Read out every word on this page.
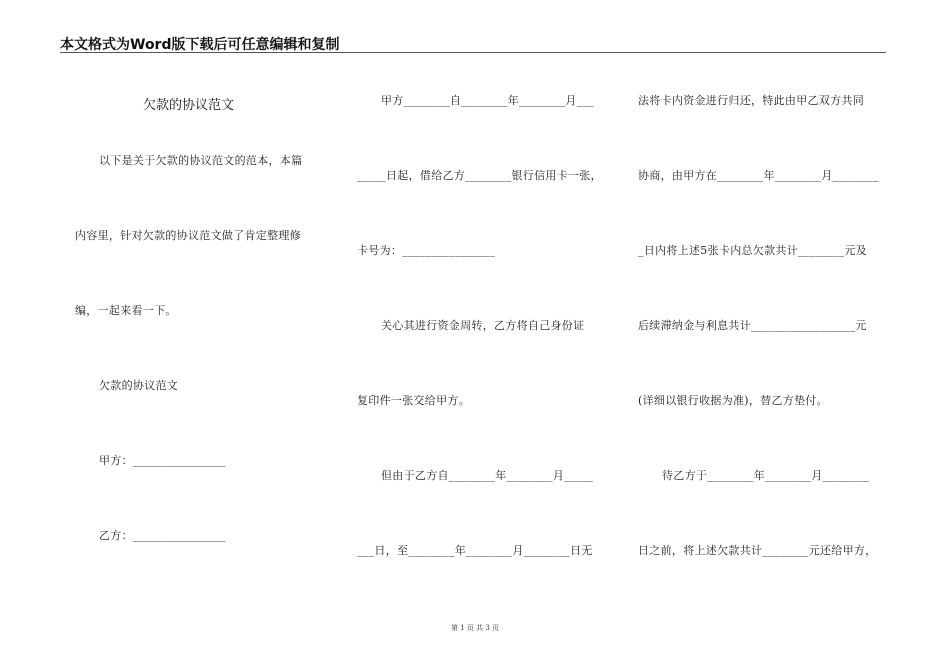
本文格式为Word版下载后可任意编辑和复制
欠款的协议范文
以下是关于欠款的协议范文的范本，本篇
内容里，针对欠款的协议范文做了肯定整理修
编，一起来看一下。
欠款的协议范文
甲方：________________
乙方：________________
甲方________自________年________月___
_____日起，借给乙方________银行信用卡一张，
卡号为：________________
关心其进行资金周转，乙方将自己身份证
复印件一张交给甲方。
但由于乙方自________年________月_____
___日，至________年________月________日无
法将卡内资金进行归还，特此由甲乙双方共同
协商，由甲方在________年________月________
_日内将上述5张卡内总欠款共计________元及
后续滞纳金与利息共计__________________元
(详细以银行收据为准)，替乙方垫付。
待乙方于________年________月________
日之前，将上述欠款共计________元还给甲方，
第 1 页 共 3 页
